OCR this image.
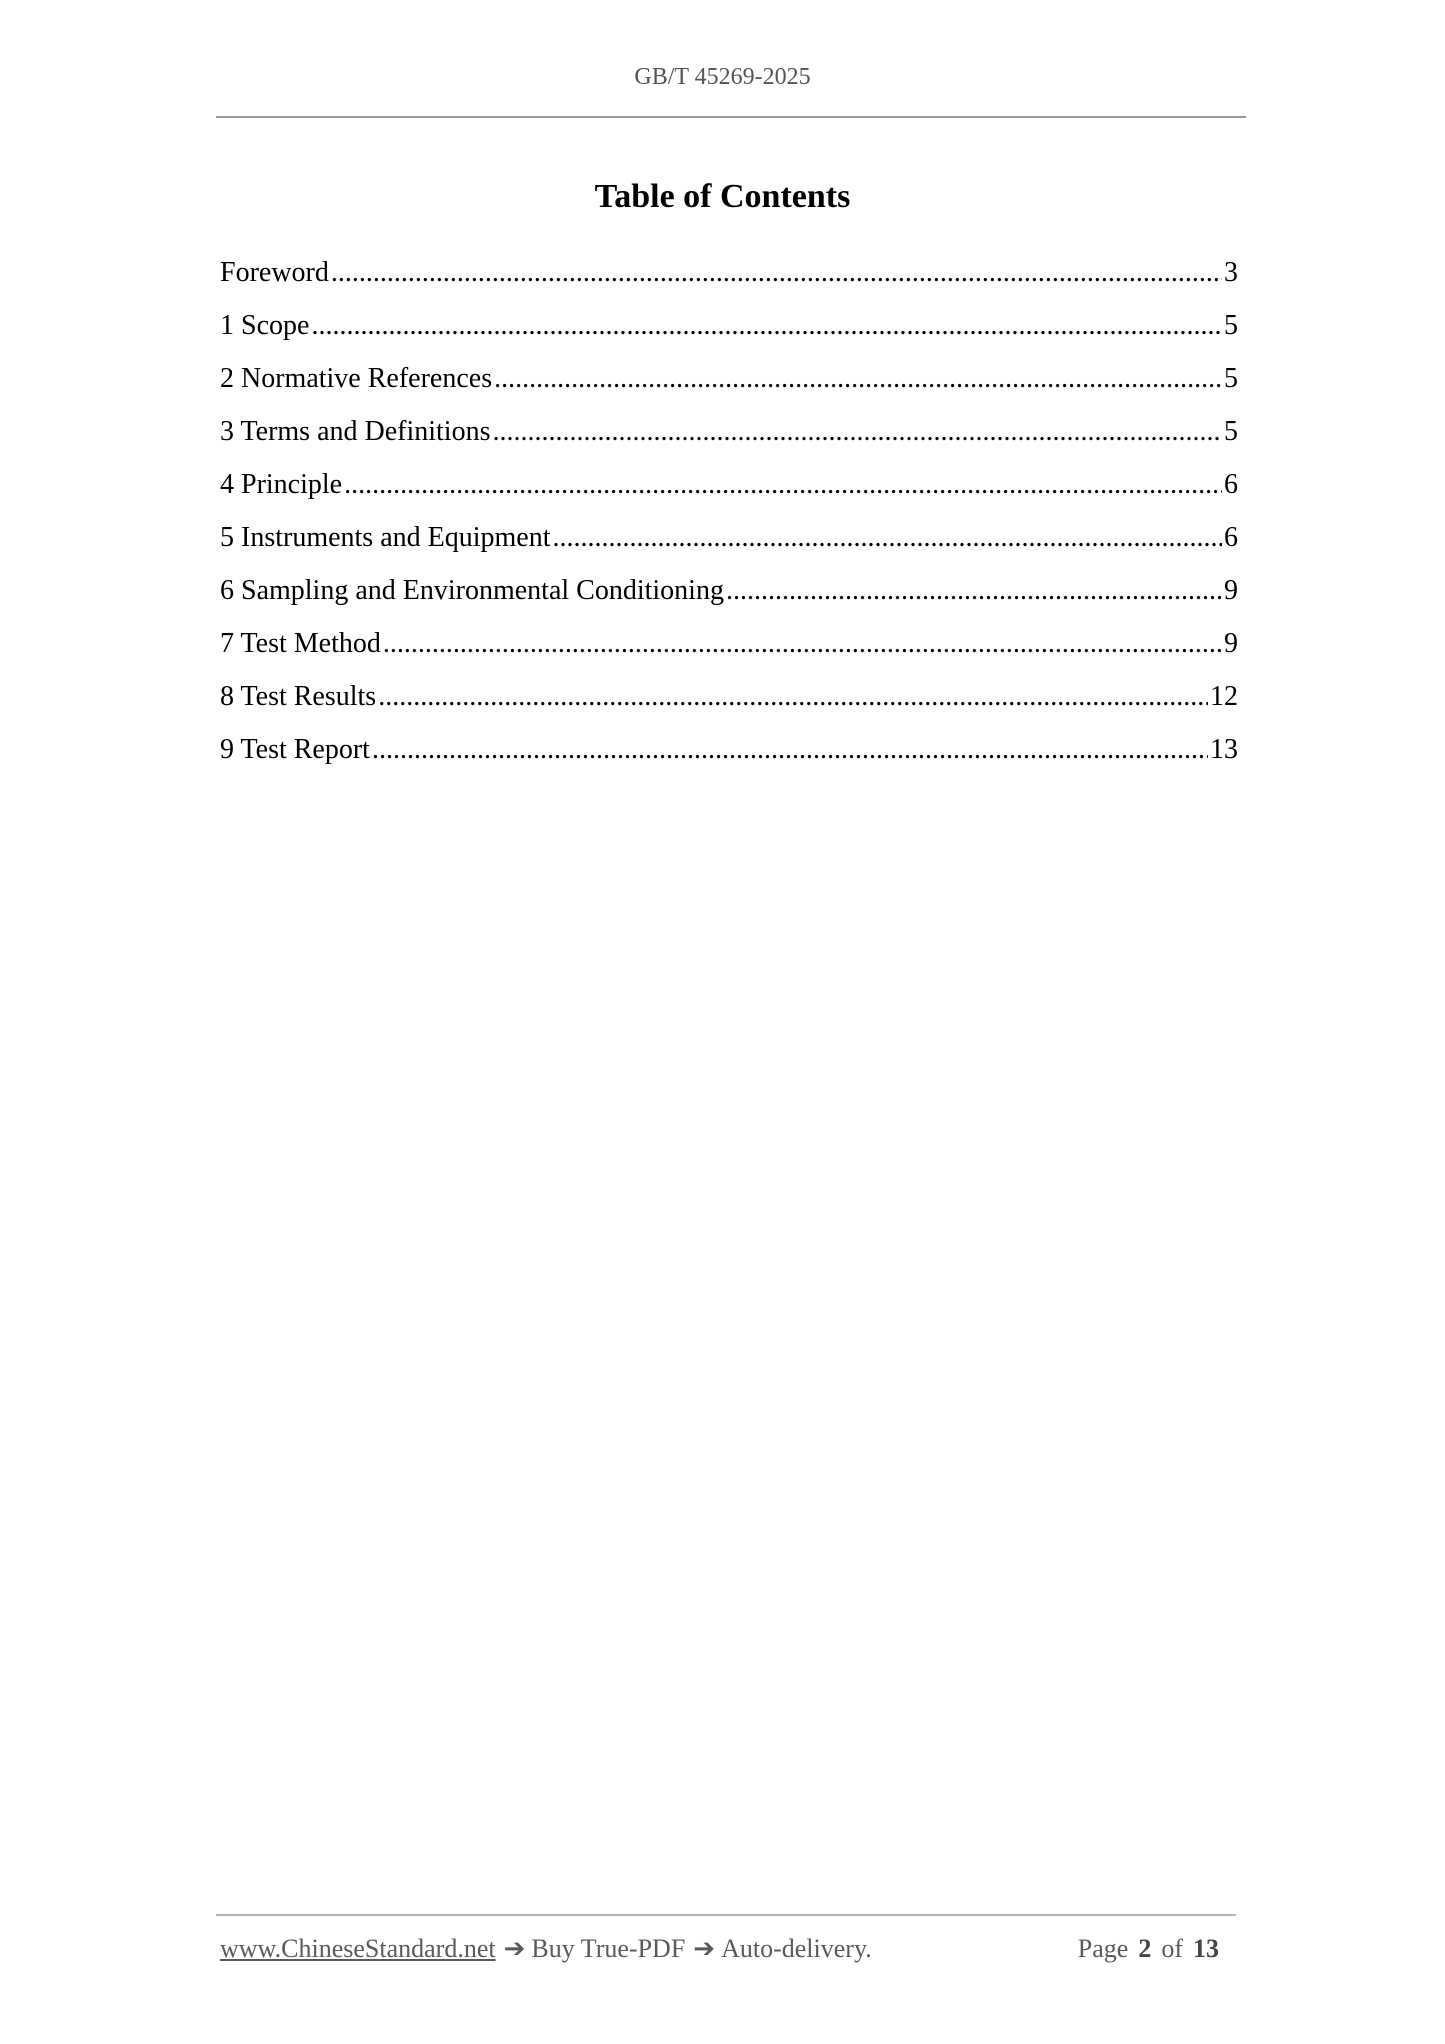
GB/T 45269-2025
Table of Contents
Foreword .....	3
1 Scope .....	5
2 Normative References .....	5
3 Terms and Definitions .....	5
4 Principle .....	6
5 Instruments and Equipment .....	6
6 Sampling and Environmental Conditioning .....	9
7 Test Method .....	9
8 Test Results .....	12
9 Test Report .....	13
www.ChineseStandard.net ➔ Buy True-PDF ➔ Auto-delivery.	Page 2 of 13
